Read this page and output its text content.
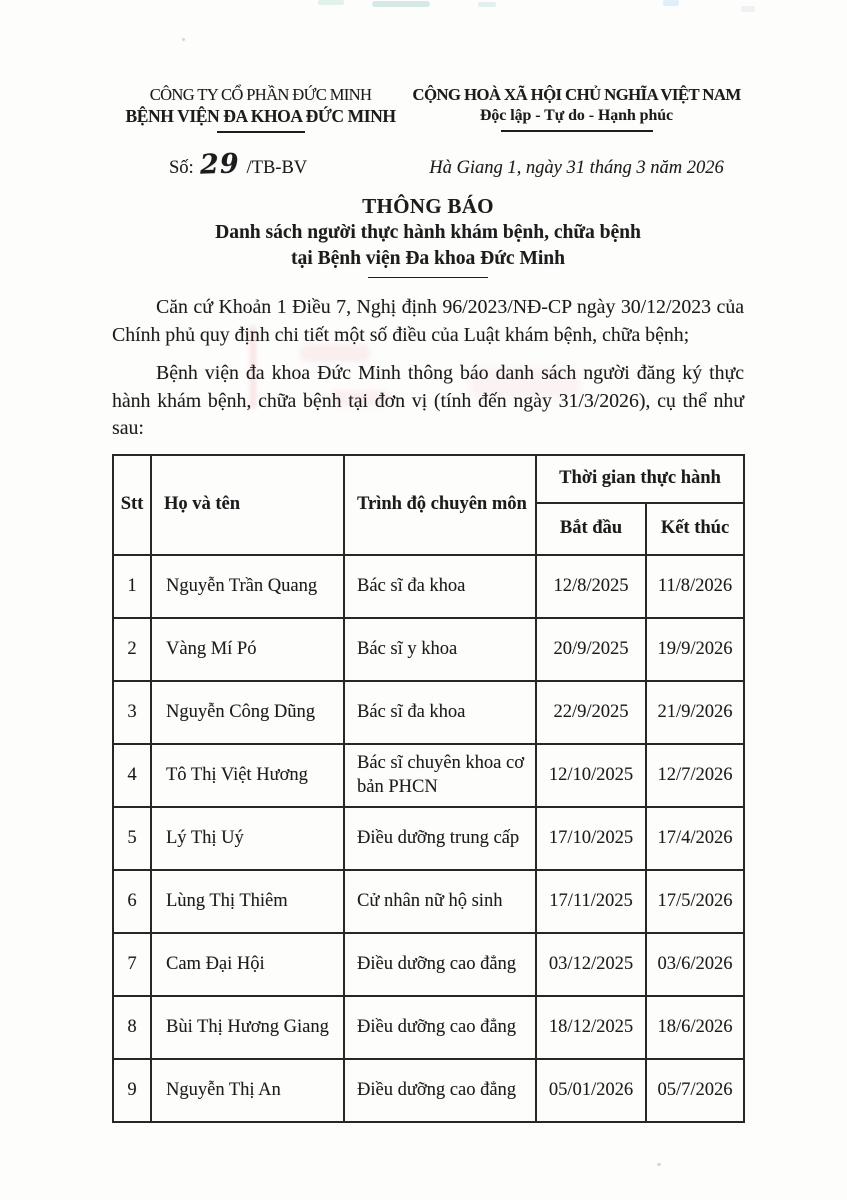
CÔNG TY CỔ PHẦN ĐỨC MINH
BỆNH VIỆN ĐA KHOA ĐỨC MINH
CỘNG HOÀ XÃ HỘI CHỦ NGHĨA VIỆT NAM
Độc lập - Tự do - Hạnh phúc
Số: 29 /TB-BV	Hà Giang 1, ngày 31 tháng 3 năm 2026
THÔNG BÁO
Danh sách người thực hành khám bệnh, chữa bệnh
tại Bệnh viện Đa khoa Đức Minh

Căn cứ Khoản 1 Điều 7, Nghị định 96/2023/NĐ-CP ngày 30/12/2023 của Chính phủ quy định chi tiết một số điều của Luật khám bệnh, chữa bệnh;

Bệnh viện đa khoa Đức Minh thông báo danh sách người đăng ký thực hành khám bệnh, chữa bệnh tại đơn vị (tính đến ngày 31/3/2026), cụ thể như sau:

Stt	Họ và tên	Trình độ chuyên môn	Thời gian thực hành	
			Bắt đầu	Kết thúc
1	Nguyễn Trần Quang	Bác sĩ đa khoa	12/8/2025	11/8/2026
2	Vàng Mí Pó	Bác sĩ y khoa	20/9/2025	19/9/2026
3	Nguyễn Công Dũng	Bác sĩ đa khoa	22/9/2025	21/9/2026
4	Tô Thị Việt Hương	Bác sĩ chuyên khoa cơ bản PHCN	12/10/2025	12/7/2026
5	Lý Thị Uý	Điều dưỡng trung cấp	17/10/2025	17/4/2026
6	Lùng Thị Thiêm	Cử nhân nữ hộ sinh	17/11/2025	17/5/2026
7	Cam Đại Hội	Điều dưỡng cao đẳng	03/12/2025	03/6/2026
8	Bùi Thị Hương Giang	Điều dưỡng cao đẳng	18/12/2025	18/6/2026
9	Nguyễn Thị An	Điều dưỡng cao đẳng	05/01/2026	05/7/2026
